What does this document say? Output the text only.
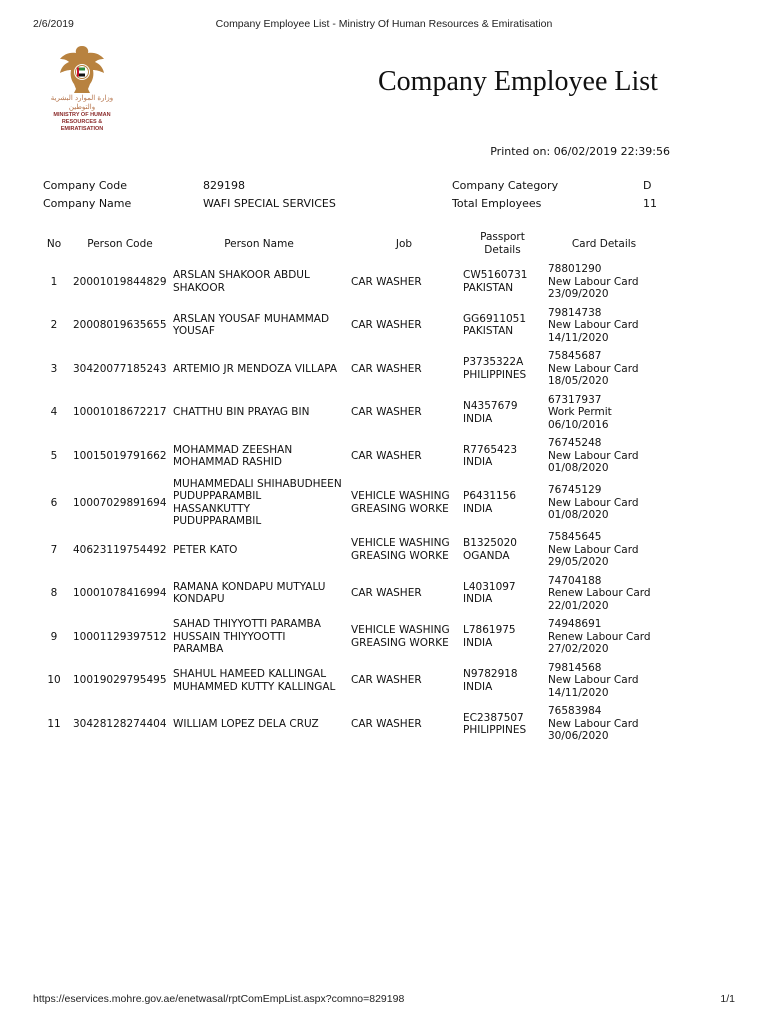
2/6/2019	Company Employee List - Ministry Of Human Resources & Emiratisation
وزارة الموارد البشرية والتوطين
MINISTRY OF HUMAN RESOURCES & EMIRATISATION
Company Employee List
Printed on: 06/02/2019 22:39:56
Company Code	829198	Company Category	D
Company Name	WAFI SPECIAL SERVICES	Total Employees	11
No	Person Code	Person Name	Job	Passport
Details	Card Details
1	20001019844829	ARSLAN SHAKOOR ABDUL
SHAKOOR	CAR WASHER	CW5160731
PAKISTAN	78801290
New Labour Card
23/09/2020

2	20008019635655	ARSLAN YOUSAF MUHAMMAD
YOUSAF	CAR WASHER	GG6911051
PAKISTAN	79814738
New Labour Card
14/11/2020

3	30420077185243	ARTEMIO JR MENDOZA VILLAPA	CAR WASHER	P3735322A
PHILIPPINES	75845687
New Labour Card
18/05/2020

4	10001018672217	CHATTHU BIN PRAYAG BIN	CAR WASHER	N4357679
INDIA	67317937
Work Permit
06/10/2016

5	10015019791662	MOHAMMAD ZEESHAN
MOHAMMAD RASHID	CAR WASHER	R7765423
INDIA	76745248
New Labour Card
01/08/2020

6	10007029891694	MUHAMMEDALI SHIHABUDHEEN
PUDUPPARAMBIL
HASSANKUTTY
PUDUPPARAMBIL	VEHICLE WASHING
GREASING WORKE	P6431156
INDIA	76745129
New Labour Card
01/08/2020

7	40623119754492	PETER KATO	VEHICLE WASHING
GREASING WORKE	B1325020
OGANDA	75845645
New Labour Card
29/05/2020

8	10001078416994	RAMANA KONDAPU MUTYALU
KONDAPU	CAR WASHER	L4031097
INDIA	74704188
Renew Labour Card
22/01/2020

9	10001129397512	SAHAD THIYYOTTI PARAMBA
HUSSAIN THIYYOOTTI
PARAMBA	VEHICLE WASHING
GREASING WORKE	L7861975
INDIA	74948691
Renew Labour Card
27/02/2020

10	10019029795495	SHAHUL HAMEED KALLINGAL
MUHAMMED KUTTY KALLINGAL	CAR WASHER	N9782918
INDIA	79814568
New Labour Card
14/11/2020

11	30428128274404	WILLIAM LOPEZ DELA CRUZ	CAR WASHER	EC2387507
PHILIPPINES	76583984
New Labour Card
30/06/2020
https://eservices.mohre.gov.ae/enetwasal/rptComEmpList.aspx?comno=829198	1/1
